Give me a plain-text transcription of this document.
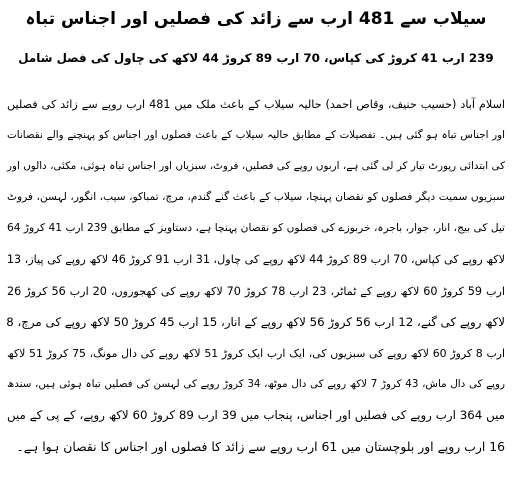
سیلاب سے 481 ارب سے زائد کی فصلیں اور اجناس تباہ
239 ارب 41 کروڑ کی کپاس، 70 ارب 89 کروڑ 44 لاکھ کی چاول کی فصل شامل
اسلام آباد (حسیب حنیف، وقاص احمد) حالیہ سیلاب کے باعث ملک میں 481 ارب روپے سے زائد کی فصلیں
اور اجناس تباہ ہو گئی ہیں۔ تفصیلات کے مطابق حالیہ سیلاب کے باعث فصلوں اور اجناس کو پہنچنے والے نقصانات
کی ابتدائی رپورٹ تیار کر لی گئی ہے، اربوں روپے کی فصلیں، فروٹ، سبزیاں اور اجناس تباہ ہوئی، مکئی، دالوں اور
سبزیوں سمیت دیگر فصلوں کو نقصان پہنچا، سیلاب کے باعث گنے گندم، مرچ، تمباکو، سیب، انگور، لہسن، فروٹ
تیل کی بیج، انار، جوار، باجرہ، خربوزے کی فصلوں کو نقصان پہنچا ہے، دستاویز کے مطابق 239 ارب 41 کروڑ 64
لاکھ روپے کی کپاس، 70 ارب 89 کروڑ 44 لاکھ روپے کی چاول، 31 ارب 91 کروڑ 46 لاکھ روپے کی پیاز، 13
ارب 59 کروڑ 60 لاکھ روپے کے ٹماٹر، 23 ارب 78 کروڑ 70 لاکھ روپے کی کھجوروں، 20 ارب 56 کروڑ 26
لاکھ روپے کی گنے، 12 ارب 56 کروڑ 56 لاکھ روپے کے انار، 15 ارب 45 کروڑ 50 لاکھ روپے کی مرچ، 8
ارب 8 کروڑ 60 لاکھ روپے کی سبزیوں کی، ایک ارب ایک کروڑ 51 لاکھ روپے کی دال مونگ، 75 کروڑ 51 لاکھ
روپے کی دال ماش، 43 کروڑ 7 لاکھ روپے کی دال موٹھ، 34 کروڑ روپے کی لہسن کی فصلیں تباہ ہوئی ہیں، سندھ
میں 364 ارب روپے کی فصلیں اور اجناس، پنجاب میں 39 ارب 89 کروڑ 60 لاکھ روپے، کے پی کے میں
16 ارب روپے اور بلوچستان میں 61 ارب روپے سے زائد کا فصلوں اور اجناس کا نقصان ہوا ہے۔
